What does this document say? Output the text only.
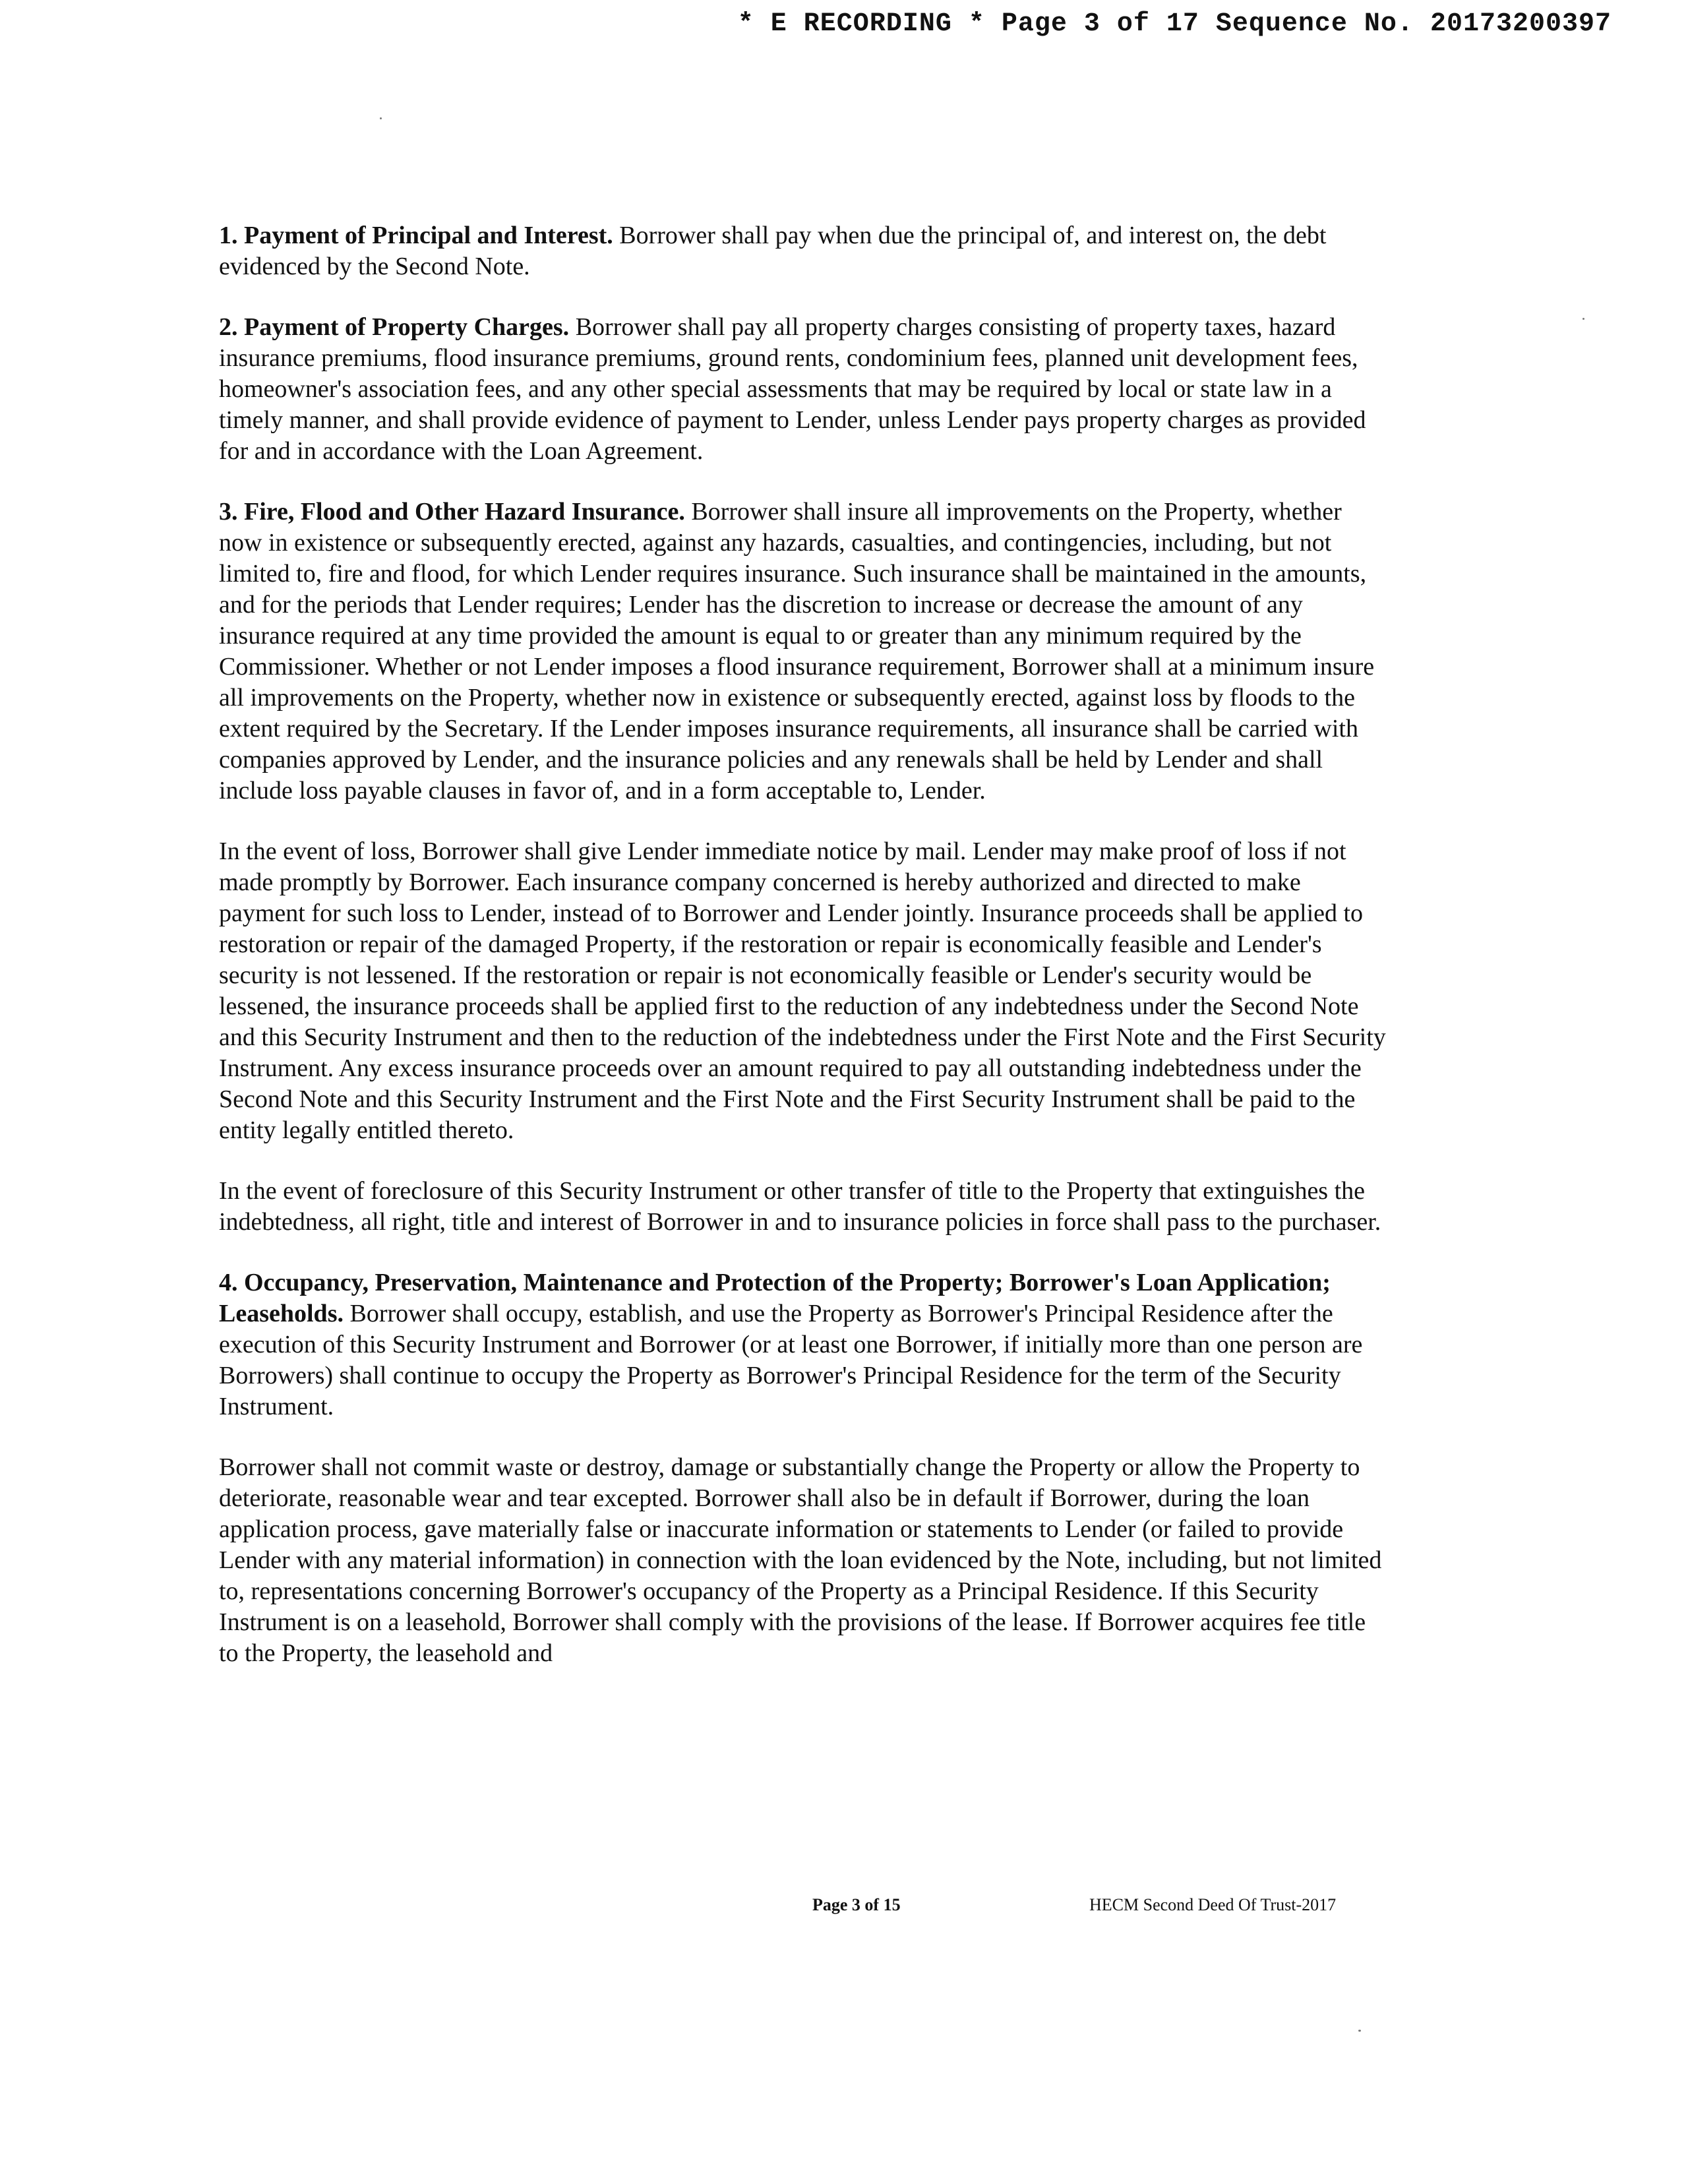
* E RECORDING * Page 3 of 17 Sequence No. 20173200397

1. Payment of Principal and Interest. Borrower shall pay when due the principal of, and interest on, the debt evidenced by the Second Note.

2. Payment of Property Charges. Borrower shall pay all property charges consisting of property taxes, hazard insurance premiums, flood insurance premiums, ground rents, condominium fees, planned unit development fees, homeowner's association fees, and any other special assessments that may be required by local or state law in a timely manner, and shall provide evidence of payment to Lender, unless Lender pays property charges as provided for and in accordance with the Loan Agreement.

3. Fire, Flood and Other Hazard Insurance. Borrower shall insure all improvements on the Property, whether now in existence or subsequently erected, against any hazards, casualties, and contingencies, including, but not limited to, fire and flood, for which Lender requires insurance. Such insurance shall be maintained in the amounts, and for the periods that Lender requires; Lender has the discretion to increase or decrease the amount of any insurance required at any time provided the amount is equal to or greater than any minimum required by the Commissioner. Whether or not Lender imposes a flood insurance requirement, Borrower shall at a minimum insure all improvements on the Property, whether now in existence or subsequently erected, against loss by floods to the extent required by the Secretary. If the Lender imposes insurance requirements, all insurance shall be carried with companies approved by Lender, and the insurance policies and any renewals shall be held by Lender and shall include loss payable clauses in favor of, and in a form acceptable to, Lender.

In the event of loss, Borrower shall give Lender immediate notice by mail. Lender may make proof of loss if not made promptly by Borrower. Each insurance company concerned is hereby authorized and directed to make payment for such loss to Lender, instead of to Borrower and Lender jointly. Insurance proceeds shall be applied to restoration or repair of the damaged Property, if the restoration or repair is economically feasible and Lender's security is not lessened. If the restoration or repair is not economically feasible or Lender's security would be lessened, the insurance proceeds shall be applied first to the reduction of any indebtedness under the Second Note and this Security Instrument and then to the reduction of the indebtedness under the First Note and the First Security Instrument. Any excess insurance proceeds over an amount required to pay all outstanding indebtedness under the Second Note and this Security Instrument and the First Note and the First Security Instrument shall be paid to the entity legally entitled thereto.

In the event of foreclosure of this Security Instrument or other transfer of title to the Property that extinguishes the indebtedness, all right, title and interest of Borrower in and to insurance policies in force shall pass to the purchaser.

4. Occupancy, Preservation, Maintenance and Protection of the Property; Borrower's Loan Application; Leaseholds. Borrower shall occupy, establish, and use the Property as Borrower's Principal Residence after the execution of this Security Instrument and Borrower (or at least one Borrower, if initially more than one person are Borrowers) shall continue to occupy the Property as Borrower's Principal Residence for the term of the Security Instrument.

Borrower shall not commit waste or destroy, damage or substantially change the Property or allow the Property to deteriorate, reasonable wear and tear excepted. Borrower shall also be in default if Borrower, during the loan application process, gave materially false or inaccurate information or statements to Lender (or failed to provide Lender with any material information) in connection with the loan evidenced by the Note, including, but not limited to, representations concerning Borrower's occupancy of the Property as a Principal Residence. If this Security Instrument is on a leasehold, Borrower shall comply with the provisions of the lease. If Borrower acquires fee title to the Property, the leasehold and

Page 3 of 15	HECM Second Deed Of Trust-2017
